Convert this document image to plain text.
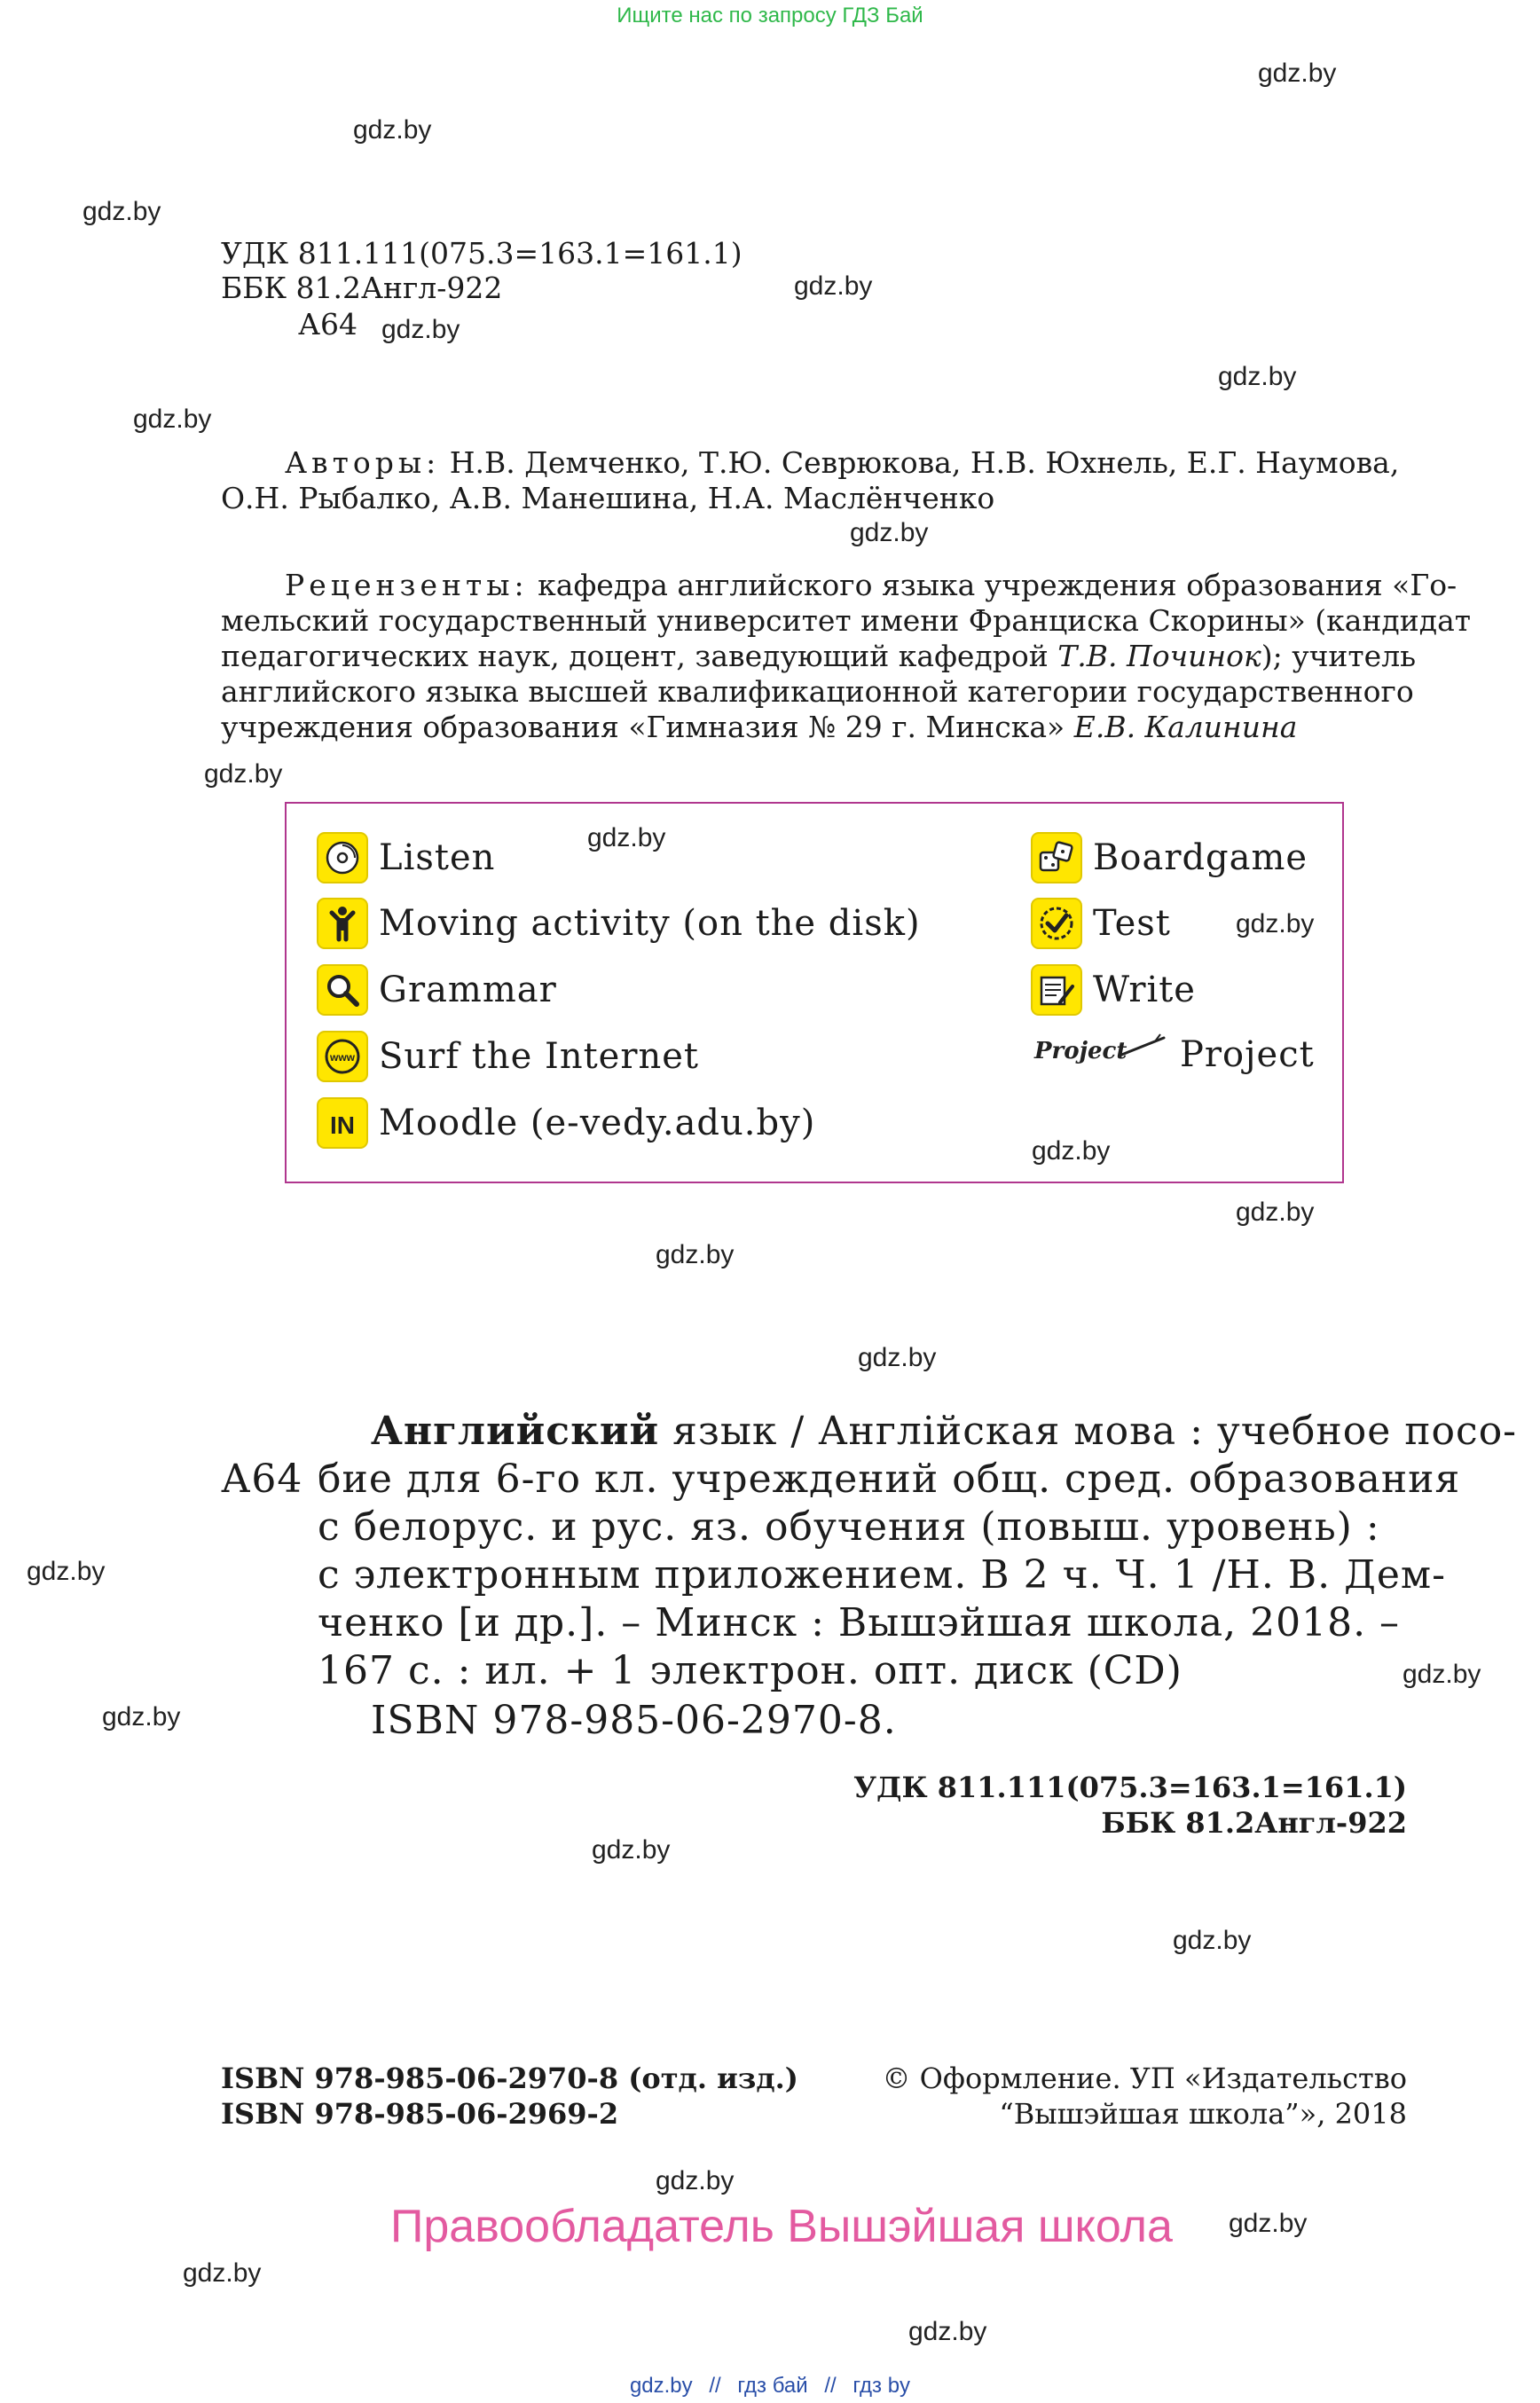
Ищите нас по запросу ГДЗ Бай
gdz.by
gdz.by
gdz.by
gdz.by
gdz.by
gdz.by
gdz.by
gdz.by
gdz.by
gdz.by
gdz.by
gdz.by
gdz.by
gdz.by
gdz.by
gdz.by
gdz.by
gdz.by
gdz.by
gdz.by
gdz.by
gdz.by
gdz.by
gdz.by
УДК 811.111(075.3=163.1=161.1)
ББК 81.2Англ-922
А64
Авторы: Н.В. Демченко, Т.Ю. Севрюкова, Н.В. Юхнель, Е.Г. Наумова,
О.Н. Рыбалко, А.В. Манешина, Н.А. Маслёнченко
Рецензенты: кафедра английского языка учреждения образования «Го-
мельский государственный университет имени Франциска Скорины» (кандидат
педагогических наук, доцент, заведующий кафедрой Т.В. Починок); учитель
английского языка высшей квалификационной категории государственного
учреждения образования «Гимназия № 29 г. Минска» Е.В. Калинина
Listen
Moving activity (on the disk)
Grammar
www Surf the Internet
IN Moodle (e-vedy.adu.by)
Boardgame
Test
Write
Project Project
Английский язык / Англійская мова : учебное посо-
А64 бие для 6-го кл. учреждений общ. сред. образования
с белорус. и рус. яз. обучения (повыш. уровень) :
с электронным приложением. В 2 ч. Ч. 1 /Н. В. Дем-
ченко [и др.]. – Минск : Вышэйшая школа, 2018. –
167 с. : ил. + 1 электрон. опт. диск (CD)
ISBN 978-985-06-2970-8.
УДК 811.111(075.3=163.1=161.1)
ББК 81.2Англ-922
ISBN 978-985-06-2970-8 (отд. изд.)
ISBN 978-985-06-2969-2
© Оформление. УП «Издательство
“Вышэйшая школа”», 2018
Правообладатель Вышэйшая школа
gdz.by // гдз бай // гдз by
